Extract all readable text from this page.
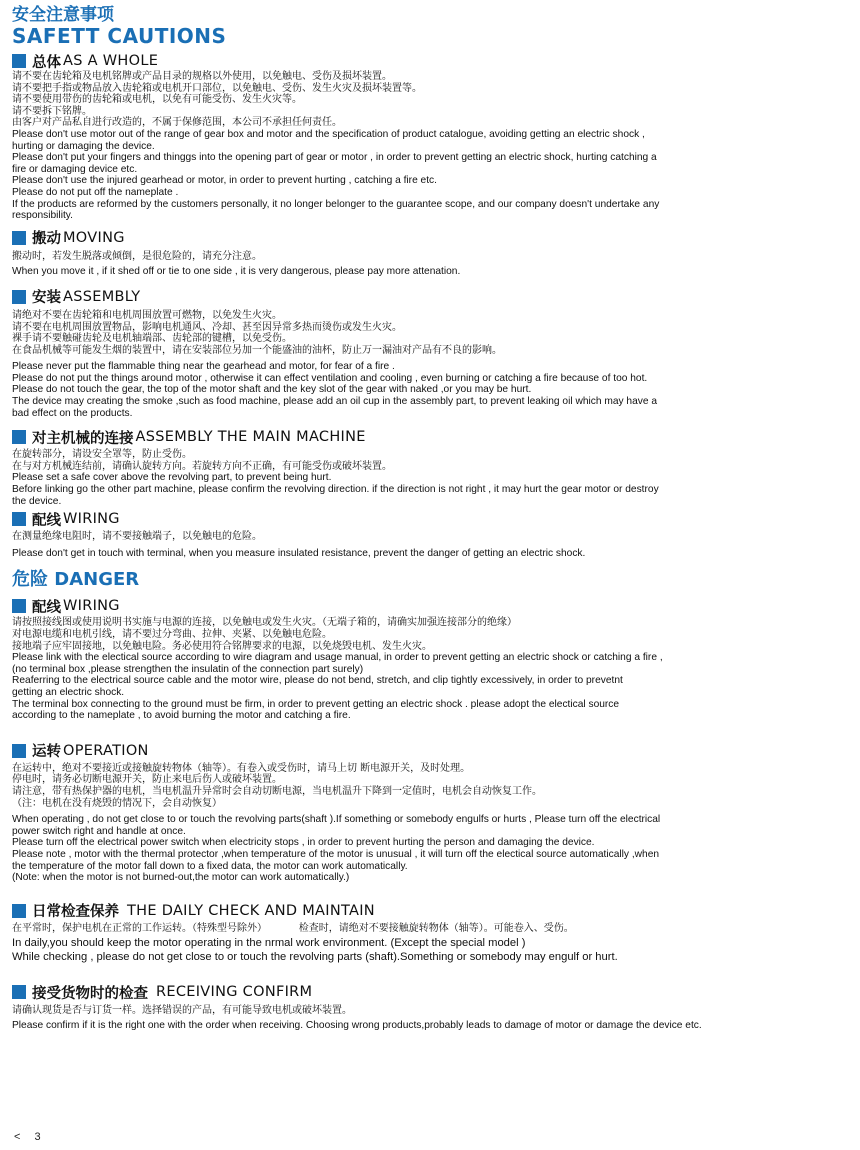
安全注意事项
SAFETT CAUTIONS
总体 AS A WHOLE
请不要在齿轮箱及电机铭牌或产品目录的规格以外使用，以免触电、受伤及损坏装置。
请不要把手指或物品放入齿轮箱或电机开口部位，以免触电、受伤、发生火灾及损坏装置等。
请不要使用带伤的齿轮箱或电机，以免有可能受伤、发生火灾等。
请不要拆下铭牌。
由客户对产品私自进行改造的，不属于保修范围，本公司不承担任何责任。
Please don't use motor out of the range of gear box and motor and the specification of product catalogue, avoiding getting an electric shock ,
hurting or damaging the device.
Please don't put your fingers and thinggs into the opening part of gear or motor , in order to prevent getting an electric shock, hurting catching a
fire or damaging device etc.
Please don't use the injured gearhead or motor, in order to prevent hurting , catching a fire etc.
Please do not put off the nameplate .
If the products are reformed by the customers personally, it no longer belonger to the guarantee scope, and our company doesn't undertake any
responsibility.
搬动 MOVING
搬动时，若发生脱落或倾倒，是很危险的，请充分注意。
When you move it , if it shed off or tie to one side , it is very dangerous, please pay more attenation.
安装 ASSEMBLY
请绝对不要在齿轮箱和电机周围放置可燃物，以免发生火灾。
请不要在电机周围放置物品，影响电机通风、冷却、甚至因异常多热而烫伤或发生火灾。
裸手请不要触碰齿轮及电机轴端部、齿轮部的键槽，以免受伤。
在食品机械等可能发生烟的装置中，请在安装部位另加一个能盛油的油杯，防止万一漏油对产品有不良的影响。
Please never put the flammable thing near the gearhead and motor, for fear of a fire .
Please do not put the things around motor , otherwise it can effect ventilation and cooling , even burning or catching a fire because of too hot.
Please do not touch the gear, the top of the motor shaft and the key slot of the gear with naked ,or you may be hurt.
The device may creating the smoke ,such as food machine, please add an oil cup in the assembly part, to prevent leaking oil which may have a
bad effect on the products.
对主机械的连接 ASSEMBLY THE MAIN MACHINE
在旋转部分，请设安全罩等，防止受伤。
在与对方机械连结前，请确认旋转方向。若旋转方向不正确，有可能受伤或破坏装置。
Please set a safe cover above the revolving part, to prevent being hurt.
Before linking go the other part machine, please confirm the revolving direction. if the direction is not right , it may hurt the gear motor or destroy
the device.
配线 WIRING
在测量绝缘电阻时，请不要接触端子，以免触电的危险。
Please don't get in touch with terminal, when you measure insulated resistance, prevent the danger of getting an electric shock.
危险 DANGER
配线 WIRING
请按照接线图或使用说明书实施与电源的连接，以免触电或发生火灾。（无端子箱的，请确实加强连接部分的绝缘）
对电源电缆和电机引线，请不要过分弯曲、拉伸、夹紧、以免触电危险。
接地端子应牢固接地，以免触电险。务必使用符合铭牌要求的电源，以免烧毁电机、发生火灾。
Please link with the electical source according to wire diagram and usage manual, in order to prevent getting an electric shock or catching a fire ,
(no terminal box ,please strengthen the insulatin of the connection part surely)
Reaferring to the electrical source cable and the motor wire, please do not bend, stretch, and clip tightly excessively, in order to prevetnt
getting an electric shock.
The terminal box connecting to the ground must be firm, in order to prevent getting an electric shock . please adopt the electical source
according to the nameplate , to avoid burning the motor and catching a fire.
运转 OPERATION
在运转中，绝对不要接近或接触旋转物体（轴等）。有卷入或受伤时，请马上切 断电源开关，及时处理。
停电时，请务必切断电源开关，防止来电后伤人或破坏装置。
请注意，带有热保护器的电机，当电机温升异常时会自动切断电源，当电机温升下降到一定值时，电机会自动恢复工作。
（注：电机在没有烧毁的情况下，会自动恢复）
When operating , do not get close to or touch the revolving parts(shaft ).If something or somebody engulfs or hurts , Please turn off the electrical
power switch right and handle at once.
Please turn off the electrical power switch when electricity stops , in order to prevent hurting the person and damaging the device.
Please note , motor with the thermal protector ,when temperature of the motor is unusual , it will turn off the electical source automatically ,when
the temperature of the motor fall down to a fixed data, the motor can work automatically.
(Note: when the motor is not burned-out,the motor can work automatically.)
日常检查保养 THE DAILY CHECK AND MAINTAIN
在平常时，保护电机在正常的工作运转。（特殊型号除外）          检查时，请绝对不要接触旋转物体（轴等）。可能卷入、受伤。
In daily,you should keep the motor operating in the nrmal work environment. (Except the special model )
While checking , please do not get close to or touch the revolving parts (shaft).Something or somebody may engulf or hurt.
接受货物时的检查 RECEIVING CONFIRM
请确认现货是否与订货一样。选择错误的产品，有可能导致电机或破坏装置。
Please confirm if it is the right one with the order when receiving. Choosing wrong products,probably leads to damage of motor or damage the device etc.
< 3
